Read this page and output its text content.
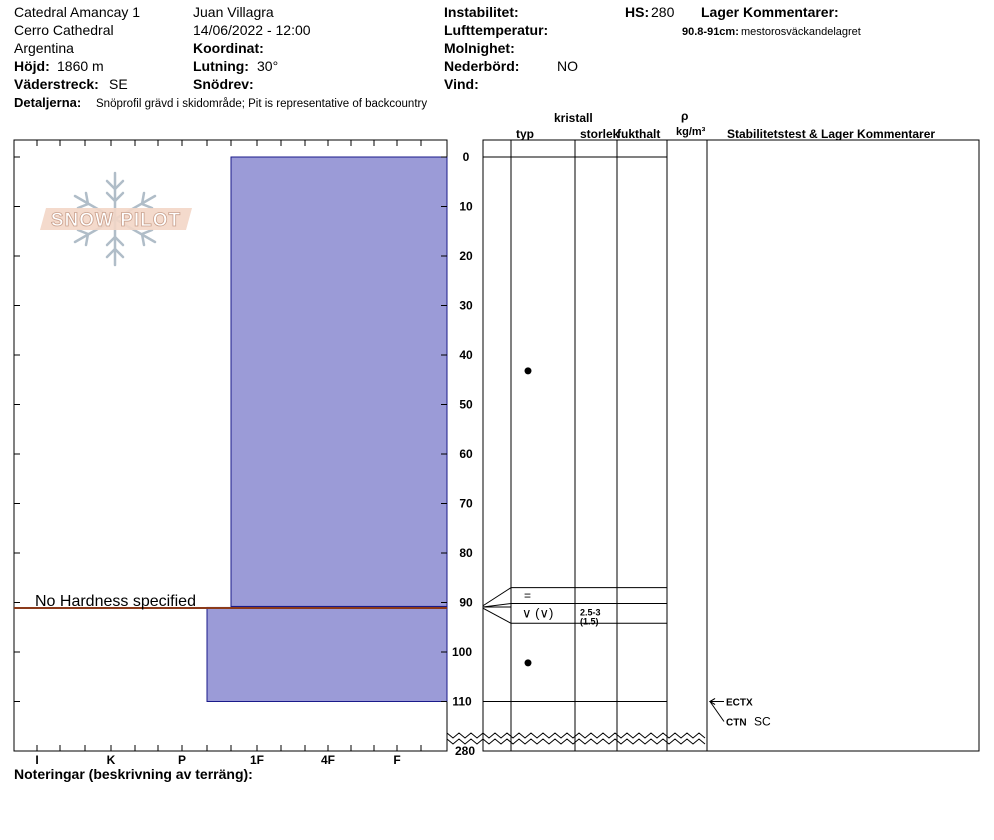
Catedral Amancay 1
Cerro Cathedral
Argentina
Höjd: 1860 m
Väderstreck: SE
Detaljerna: Snöprofil grävd i skidområde; Pit is representative of backcountry
Juan Villagra
14/06/2022 - 12:00
Koordinat:
Lutning: 30°
Snödrev:
Instabilitet:
Lufttemperatur:
Molnighet:
Nederbörd:	NO
Vind:
HS: 280 Lager Kommentarer:
90.8-91cm: mestorosväckandelagret
kristall
typ	storlek
fukthalt
ρ
kg/m³ Stabilitetstest & Lager Kommentarer
SNOW PILOT
No Hardness specified
0
10
20
30
40
50
60
70
80
90
100
110
280
I	K	P	1F	4F	F
=
∨ (∨)	2.5-3
(1.5)
ECTX
CTN SC
Noteringar (beskrivning av terräng):
